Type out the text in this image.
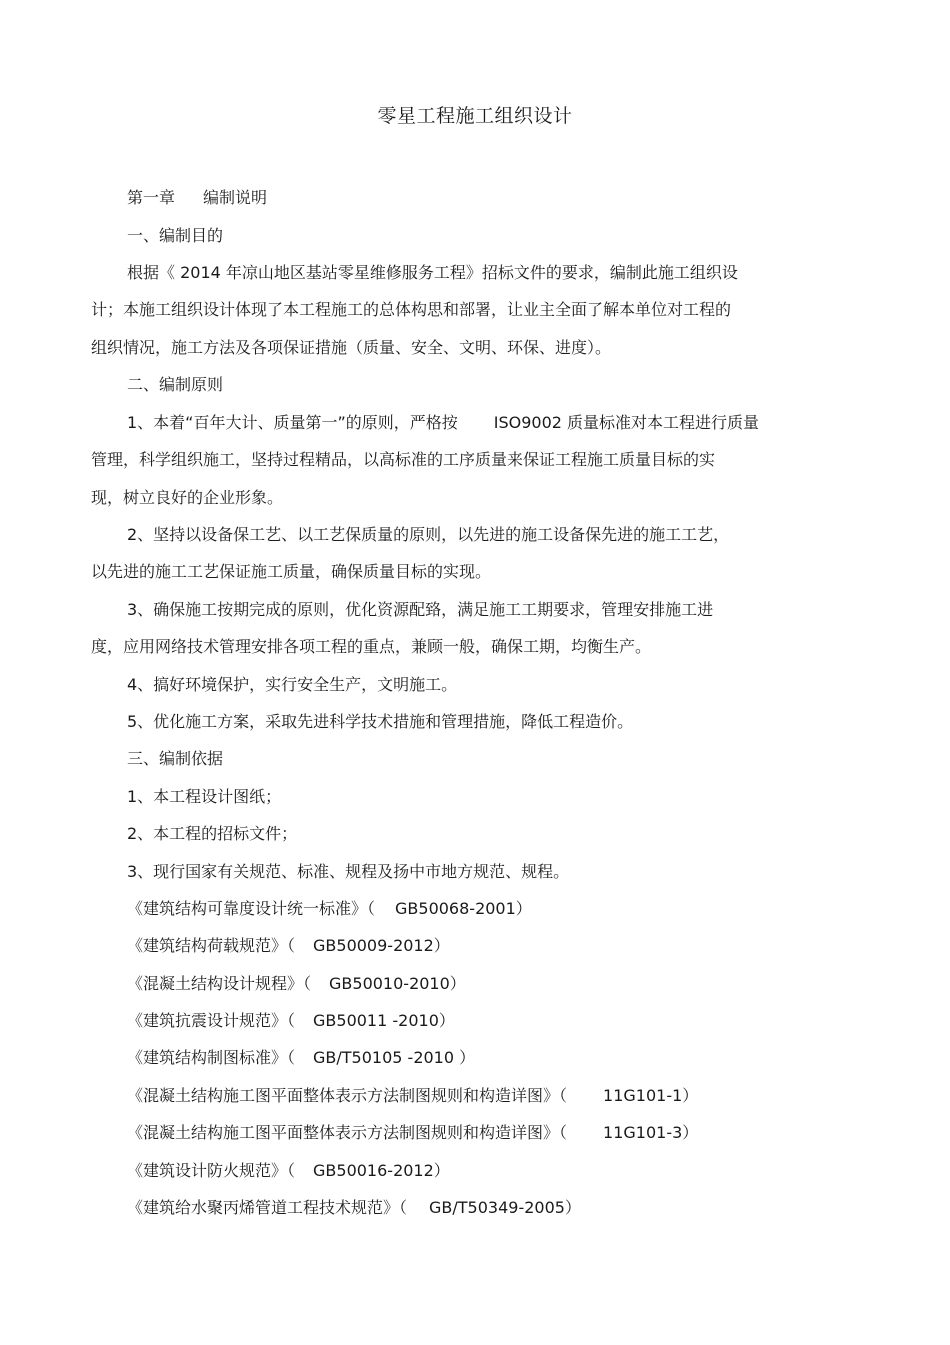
零星工程施工组织设计
第一章 编制说明
一、编制目的
根据《 2014 年凉山地区基站零星维修服务工程》招标文件的要求，编制此施工组织设
计；本施工组织设计体现了本工程施工的总体构思和部署，让业主全面了解本单位对工程的
组织情况，施工方法及各项保证措施（质量、安全、文明、环保、进度）。
二、编制原则
1、本着“百年大计、质量第一”的原则，严格按 ISO9002 质量标准对本工程进行质量
管理，科学组织施工，坚持过程精品，以高标准的工序质量来保证工程施工质量目标的实
现，树立良好的企业形象。
2、坚持以设备保工艺、以工艺保质量的原则，以先进的施工设备保先进的施工工艺，
以先进的施工工艺保证施工质量，确保质量目标的实现。
3、确保施工按期完成的原则，优化资源配臵，满足施工工期要求，管理安排施工进
度，应用网络技术管理安排各项工程的重点，兼顾一般，确保工期，均衡生产。
4、搞好环境保护，实行安全生产，文明施工。
5、优化施工方案，采取先进科学技术措施和管理措施，降低工程造价。
三、编制依据
1、本工程设计图纸；
2、本工程的招标文件；
3、现行国家有关规范、标准、规程及扬中市地方规范、规程。
《建筑结构可靠度设计统一标准》（ GB50068-2001）
《建筑结构荷载规范》（ GB50009-2012）
《混凝土结构设计规程》（ GB50010-2010）
《建筑抗震设计规范》（ GB50011 -2010）
《建筑结构制图标准》（ GB/T50105 -2010 ）
《混凝土结构施工图平面整体表示方法制图规则和构造详图》（ 11G101-1）
《混凝土结构施工图平面整体表示方法制图规则和构造详图》（ 11G101-3）
《建筑设计防火规范》（ GB50016-2012）
《建筑给水聚丙烯管道工程技术规范》（ GB/T50349-2005）
